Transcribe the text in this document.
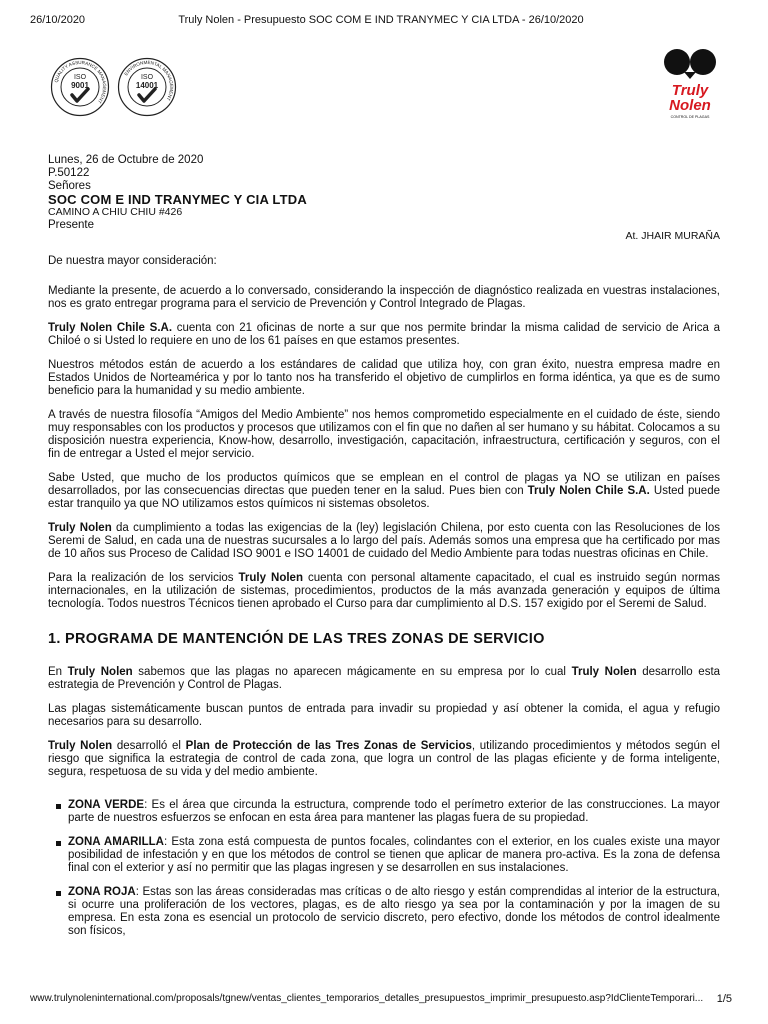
26/10/2020	Truly Nolen - Presupuesto SOC COM E IND TRANYMEC Y CIA LTDA - 26/10/2020
QUALITY ASSURANCE MANAGEMENT
ISO
9001
ENVIRONMENTAL MANAGEMENT
ISO
14001	Truly
Nolen
CONTROL DE PLAGAS
Lunes, 26 de Octubre de 2020
P.50122
Señores
SOC COM E IND TRANYMEC Y CIA LTDA
CAMINO A CHIU CHIU #426
Presente
At. JHAIR MURAÑA

De nuestra mayor consideración:

Mediante la presente, de acuerdo a lo conversado, considerando la inspección de diagnóstico realizada en vuestras instalaciones, nos es grato entregar programa para el servicio de Prevención y Control Integrado de Plagas.

Truly Nolen Chile S.A. cuenta con 21 oficinas de norte a sur que nos permite brindar la misma calidad de servicio de Arica a Chiloé o si Usted lo requiere en uno de los 61 países en que estamos presentes.

Nuestros métodos están de acuerdo a los estándares de calidad que utiliza hoy, con gran éxito, nuestra empresa madre en Estados Unidos de Norteamérica y por lo tanto nos ha transferido el objetivo de cumplirlos en forma idéntica, ya que es de sumo beneficio para la humanidad y su medio ambiente.

A través de nuestra filosofía “Amigos del Medio Ambiente” nos hemos comprometido especialmente en el cuidado de éste, siendo muy responsables con los productos y procesos que utilizamos con el fin que no dañen al ser humano y su hábitat. Colocamos a su disposición nuestra experiencia, Know-how, desarrollo, investigación, capacitación, infraestructura, certificación y seguros, con el fin de entregar a Usted el mejor servicio.

Sabe Usted, que mucho de los productos químicos que se emplean en el control de plagas ya NO se utilizan en países desarrollados, por las consecuencias directas que pueden tener en la salud. Pues bien con Truly Nolen Chile S.A. Usted puede estar tranquilo ya que NO utilizamos estos químicos ni sistemas obsoletos.

Truly Nolen da cumplimiento a todas las exigencias de la (ley) legislación Chilena, por esto cuenta con las Resoluciones de los Seremi de Salud, en cada una de nuestras sucursales a lo largo del país. Además somos una empresa que ha certificado por mas de 10 años sus Proceso de Calidad ISO 9001 e ISO 14001 de cuidado del Medio Ambiente para todas nuestras oficinas en Chile.

Para la realización de los servicios Truly Nolen cuenta con personal altamente capacitado, el cual es instruido según normas internacionales, en la utilización de sistemas, procedimientos, productos de la más avanzada generación y equipos de última tecnología. Todos nuestros Técnicos tienen aprobado el Curso para dar cumplimiento al D.S. 157 exigido por el Seremi de Salud.

1. PROGRAMA DE MANTENCIÓN DE LAS TRES ZONAS DE SERVICIO

En Truly Nolen sabemos que las plagas no aparecen mágicamente en su empresa por lo cual Truly Nolen desarrollo esta estrategia de Prevención y Control de Plagas.

Las plagas sistemáticamente buscan puntos de entrada para invadir su propiedad y así obtener la comida, el agua y refugio necesarios para su desarrollo.

Truly Nolen desarrolló el Plan de Protección de las Tres Zonas de Servicios, utilizando procedimientos y métodos según el riesgo que significa la estrategia de control de cada zona, que logra un control de las plagas eficiente y de forma inteligente, segura, respetuosa de su vida y del medio ambiente.

ZONA VERDE: Es el área que circunda la estructura, comprende todo el perímetro exterior de las construcciones. La mayor parte de nuestros esfuerzos se enfocan en esta área para mantener las plagas fuera de su propiedad.
ZONA AMARILLA: Esta zona está compuesta de puntos focales, colindantes con el exterior, en los cuales existe una mayor posibilidad de infestación y en que los métodos de control se tienen que aplicar de manera pro-activa. Es la zona de defensa final con el exterior y así no permitir que las plagas ingresen y se desarrollen en sus instalaciones.
ZONA ROJA: Estas son las áreas consideradas mas críticas o de alto riesgo y están comprendidas al interior de la estructura, si ocurre una proliferación de los vectores, plagas, es de alto riesgo ya sea por la contaminación y por la imagen de su empresa. En esta zona es esencial un protocolo de servicio discreto, pero efectivo, donde los métodos de control idealmente son físicos,
www.trulynoleninternational.com/proposals/tgnew/ventas_clientes_temporarios_detalles_presupuestos_imprimir_presupuesto.asp?IdClienteTemporari...	1/5
